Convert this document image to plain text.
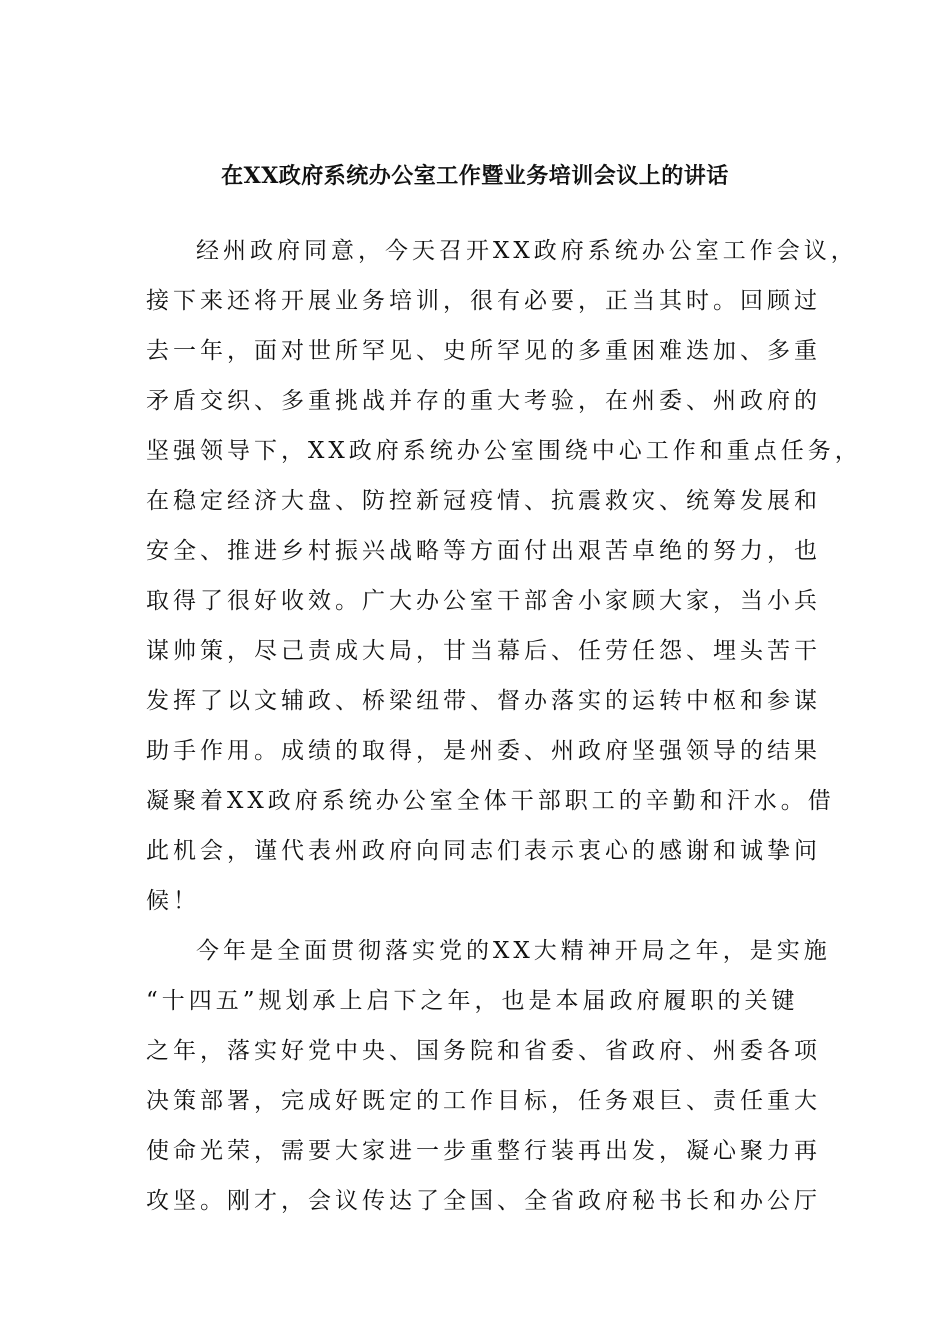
在XX政府系统办公室工作暨业务培训会议上的讲话
经州政府同意，今天召开XX政府系统办公室工作会议，
接下来还将开展业务培训，很有必要，正当其时。回顾过
去一年，面对世所罕见、史所罕见的多重困难迭加、多重
矛盾交织、多重挑战并存的重大考验，在州委、州政府的
坚强领导下，XX政府系统办公室围绕中心工作和重点任务，
在稳定经济大盘、防控新冠疫情、抗震救灾、统筹发展和
安全、推进乡村振兴战略等方面付出艰苦卓绝的努力，也
取得了很好收效。广大办公室干部舍小家顾大家，当小兵
谋帅策，尽己责成大局，甘当幕后、任劳任怨、埋头苦干
发挥了以文辅政、桥梁纽带、督办落实的运转中枢和参谋
助手作用。成绩的取得，是州委、州政府坚强领导的结果
凝聚着XX政府系统办公室全体干部职工的辛勤和汗水。借
此机会，谨代表州政府向同志们表示衷心的感谢和诚挚问
候！
今年是全面贯彻落实党的XX大精神开局之年，是实施
“十四五”规划承上启下之年，也是本届政府履职的关键
之年，落实好党中央、国务院和省委、省政府、州委各项
决策部署，完成好既定的工作目标，任务艰巨、责任重大
使命光荣，需要大家进一步重整行装再出发，凝心聚力再
攻坚。刚才，会议传达了全国、全省政府秘书长和办公厅
